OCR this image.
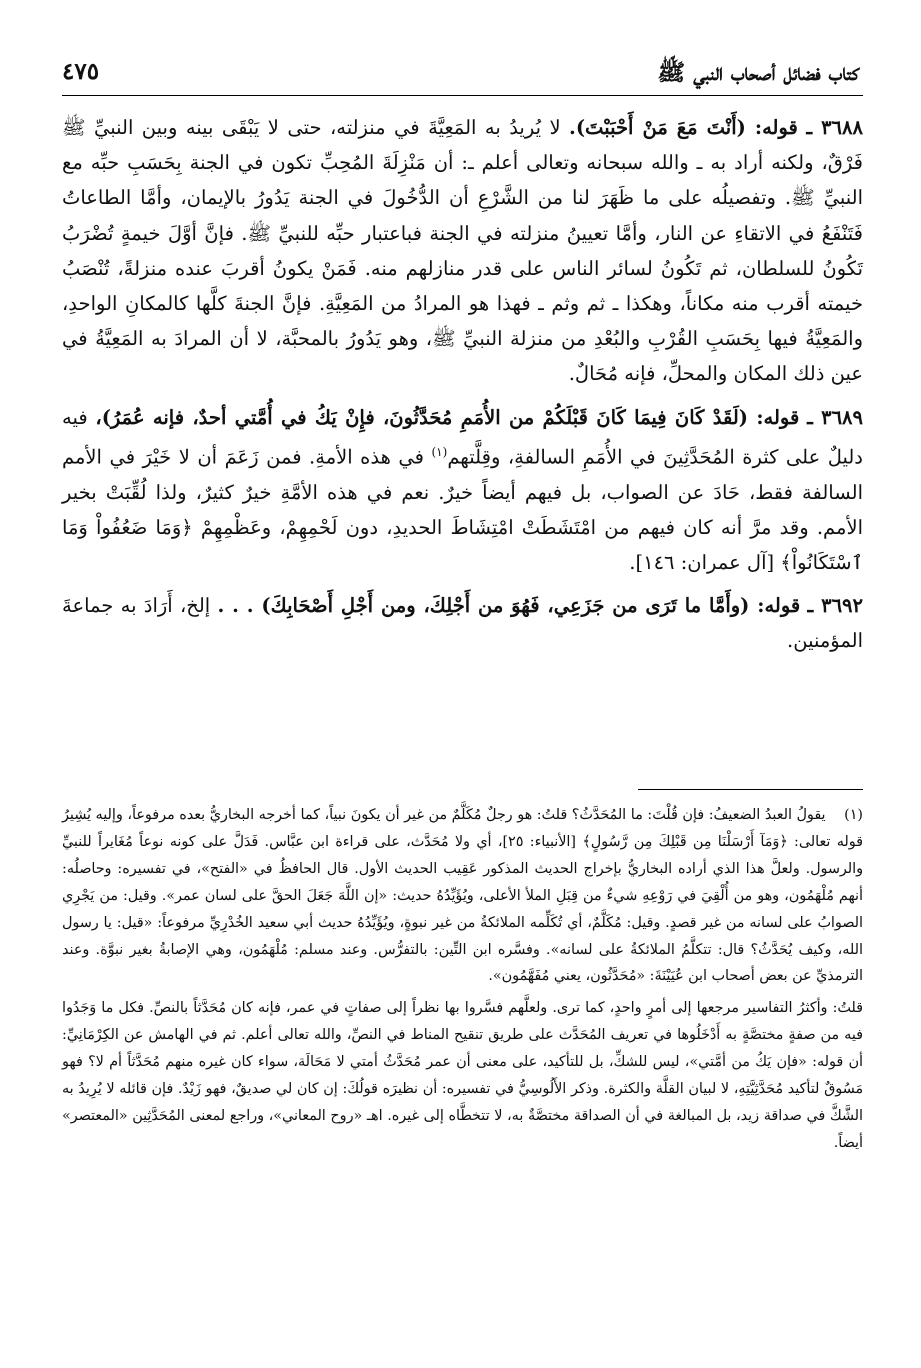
كتاب فضائل أصحاب النبي ﷺ
٤٧٥

٣٦٨٨ ـ قوله: (أَنْتَ مَعَ مَنْ أَحْبَبْتَ). لا يُريدُ به المَعِيَّةَ في منزلته، حتى لا يَبْقَى بينه وبين النبيِّ ﷺ فَرْقٌ، ولكنه أراد به ـ والله سبحانه وتعالى أعلم ـ: أن مَنْزِلَةَ المُحِبِّ تكون في الجنة بِحَسَبِ حبِّه مع النبيِّ ﷺ. وتفصيلُه على ما ظَهَرَ لنا من الشَّرْعِ أن الدُّخُولَ في الجنة يَدُورُ بالإيمان، وأمَّا الطاعاتُ فَتَنْفَعُ في الاتقاءِ عن النار، وأمَّا تعيينُ منزلته في الجنة فباعتبار حبِّه للنبيِّ ﷺ. فإنَّ أوَّلَ خيمةٍ تُضْرَبُ تَكُونُ للسلطان، ثم تَكُونُ لسائر الناس على قدر منازلهم منه. فَمَنْ يكونُ أقربَ عنده منزلةً، تُنْصَبُ خيمته أقرب منه مكاناً، وهكذا ـ ثم وثم ـ فهذا هو المرادُ من المَعِيَّةِ. فإنَّ الجنةَ كلَّها كالمكانِ الواحدِ، والمَعِيَّةُ فيها بِحَسَبِ القُرْبِ والبُعْدِ من منزلة النبيِّ ﷺ، وهو يَدُورُ بالمحبَّة، لا أن المرادَ به المَعِيَّةُ في عين ذلك المكان والمحلِّ، فإنه مُحَالٌ.

٣٦٨٩ ـ قوله: (لَقَدْ كَانَ فِيمَا كَانَ قَبْلَكُمْ من الأُمَمِ مُحَدَّثُونَ، فإِنْ يَكُ في أُمَّتي أحدٌ، فإنه عُمَرُ)، فيه دليلٌ على كثرة المُحَدَّثِينَ في الأُمَمِ السالفةِ، وقِلَّتهم$^{(١)}$ في هذه الأمةِ. فمن زَعَمَ أن لا خَيْرَ في الأمم السالفة فقط، حَادَ عن الصواب، بل فيهم أيضاً خيرٌ. نعم في هذه الأمَّةِ خيرٌ كثيرٌ، ولذا لُقِّبَتْ بخير الأمم. وقد مرَّ أنه كان فيهم من امْتَشَطَتْ امْتِشَاطَ الحديدِ، دون لَحْمِهِمْ، وعَظْمِهِمْ ﴿وَمَا ضَعُفُواْ وَمَا ٱسْتَكَانُواْ﴾ [آل عمران: ١٤٦].

٣٦٩٢ ـ قوله: (وأَمَّا ما تَرَى من جَزَعِي، فَهُوَ من أَجْلِكَ، ومن أَجْلِ أَصْحَابِكَ) . . . إلخ، أَرَادَ به جماعةَ المؤمنين.

(١) يقولُ العبدُ الضعيفُ: فإن قُلْتَ: ما المُحَدَّثُ؟ قلتُ: هو رجلٌ مُكَلَّمٌ من غير أن يكونَ نبياً، كما أخرجه البخاريُّ بعده مرفوعاً، وإليه يُشِيرُ قوله تعالى: ﴿وَمَآ أَرْسَلْنَا مِن قَبْلِكَ مِن رَّسُولٍ﴾ [الأنبياء: ٢٥]، أي ولا مُحَدَّث، على قراءة ابن عبَّاس. فَدَلَّ على كونه نوعاً مُغَايراً للنبيِّ والرسول. ولعلَّ هذا الذي أراده البخاريُّ بإخراج الحديث المذكور عَقِيب الحديث الأول. قال الحافظُ في «الفتح»، في تفسيره: وحاصلُه: أنهم مُلْهَمُون، وهو من أُلْقِيَ في رَوْعِهِ شيءٌ من قِبَلِ الملأ الأعلى، ويُؤَيِّدُهُ حديث: «إن اللَّهَ جَعَلَ الحقَّ على لسان عمر». وقيل: من يَجْرِي الصوابُ على لسانه من غير قصدٍ. وقيل: مُكَلَّمٌ، أي تُكَلِّمه الملائكةُ من غير نبوةٍ، ويُؤَيِّدُهُ حديث أبي سعيد الخُدْرِيِّ مرفوعاً: «قيل: يا رسول الله، وكيف يُحَدَّثُ؟ قال: تتكلَّمُ الملائكةُ على لسانه». وفسَّره ابن التِّين: بالتفرُّس. وعند مسلم: مُلْهَمُون، وهي الإصابةُ بغير نبوَّة. وعند الترمذيِّ عن بعض أصحاب ابن عُيَيْنَةَ: «مُحَدَّثُون، يعني مُفَهَّمُون».

قلتُ: وأكثرُ التفاسير مرجعها إلى أمرٍ واحدٍ، كما ترى. ولعلَّهم فسَّروا بها نظراً إلى صفاتٍ في عمر، فإنه كان مُحَدَّثاً بالنصِّ. فكل ما وَجَدُوا فيه من صفةٍ مختصَّةٍ به أَدْخَلُوها في تعريف المُحَدَّث على طريق تنقيح المناط في النصِّ، والله تعالى أعلم. ثم في الهامش عن الكِرْمَانِيِّ: أن قوله: «فإن يَكُ من أمَّتي»، ليس للشكِّ، بل للتأكيد، على معنى أن عمر مُحَدَّثُ أمتي لا مَحَالَة، سواء كان غيره منهم مُحَدَّثاً أم لا؟ فهو مَسُوقٌ لتأكيد مُحَدَّثِيَّتِهِ، لا لبيان القلَّة والكثرة. وذكر الأَلُوسِيُّ في تفسيره: أن نظيرَه قولُكَ: إن كان لي صديقٌ، فهو زَيْدٌ. فإن قائله لا يُرِيدُ به الشَّكَّ في صداقة زيد، بل المبالغة في أن الصداقة مختصَّةٌ به، لا تتخطَّاه إلى غيره. اهـ «روح المعاني»، وراجع لمعنى المُحَدَّثِين «المعتصر» أيضاً.
